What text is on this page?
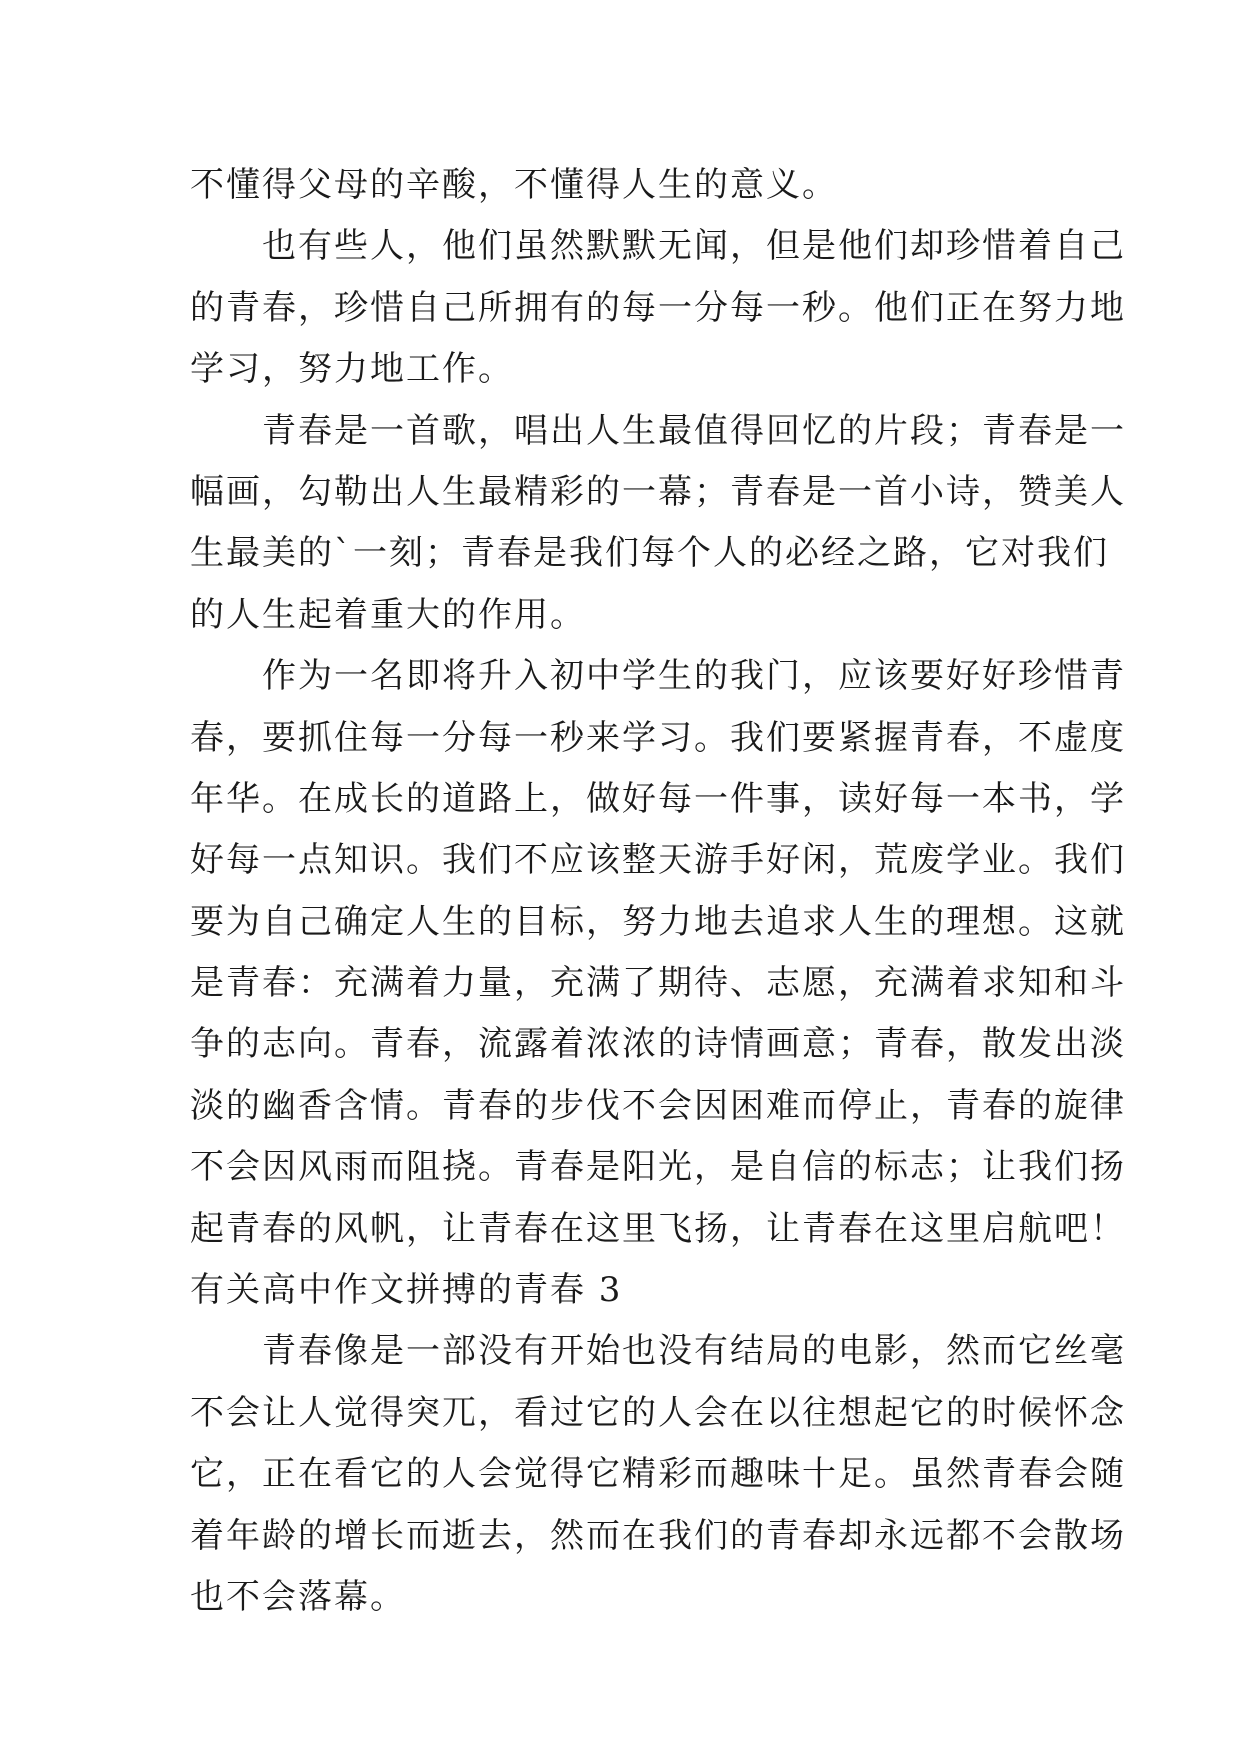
不懂得父母的辛酸，不懂得人生的意义。
也有些人，他们虽然默默无闻，但是他们却珍惜着自己
的青春，珍惜自己所拥有的每一分每一秒。他们正在努力地
学习，努力地工作。
青春是一首歌，唱出人生最值得回忆的片段；青春是一
幅画，勾勒出人生最精彩的一幕；青春是一首小诗，赞美人
生最美的`一刻；青春是我们每个人的必经之路，它对我们
的人生起着重大的作用。
作为一名即将升入初中学生的我门，应该要好好珍惜青
春，要抓住每一分每一秒来学习。我们要紧握青春，不虚度
年华。在成长的道路上，做好每一件事，读好每一本书，学
好每一点知识。我们不应该整天游手好闲，荒废学业。我们
要为自己确定人生的目标，努力地去追求人生的理想。这就
是青春：充满着力量，充满了期待、志愿，充满着求知和斗
争的志向。青春，流露着浓浓的诗情画意；青春，散发出淡
淡的幽香含情。青春的步伐不会因困难而停止，青春的旋律
不会因风雨而阻挠。青春是阳光，是自信的标志；让我们扬
起青春的风帆，让青春在这里飞扬，让青春在这里启航吧！
有关高中作文拼搏的青春 3
青春像是一部没有开始也没有结局的电影，然而它丝毫
不会让人觉得突兀，看过它的人会在以往想起它的时候怀念
它，正在看它的人会觉得它精彩而趣味十足。虽然青春会随
着年龄的增长而逝去，然而在我们的青春却永远都不会散场
也不会落幕。
